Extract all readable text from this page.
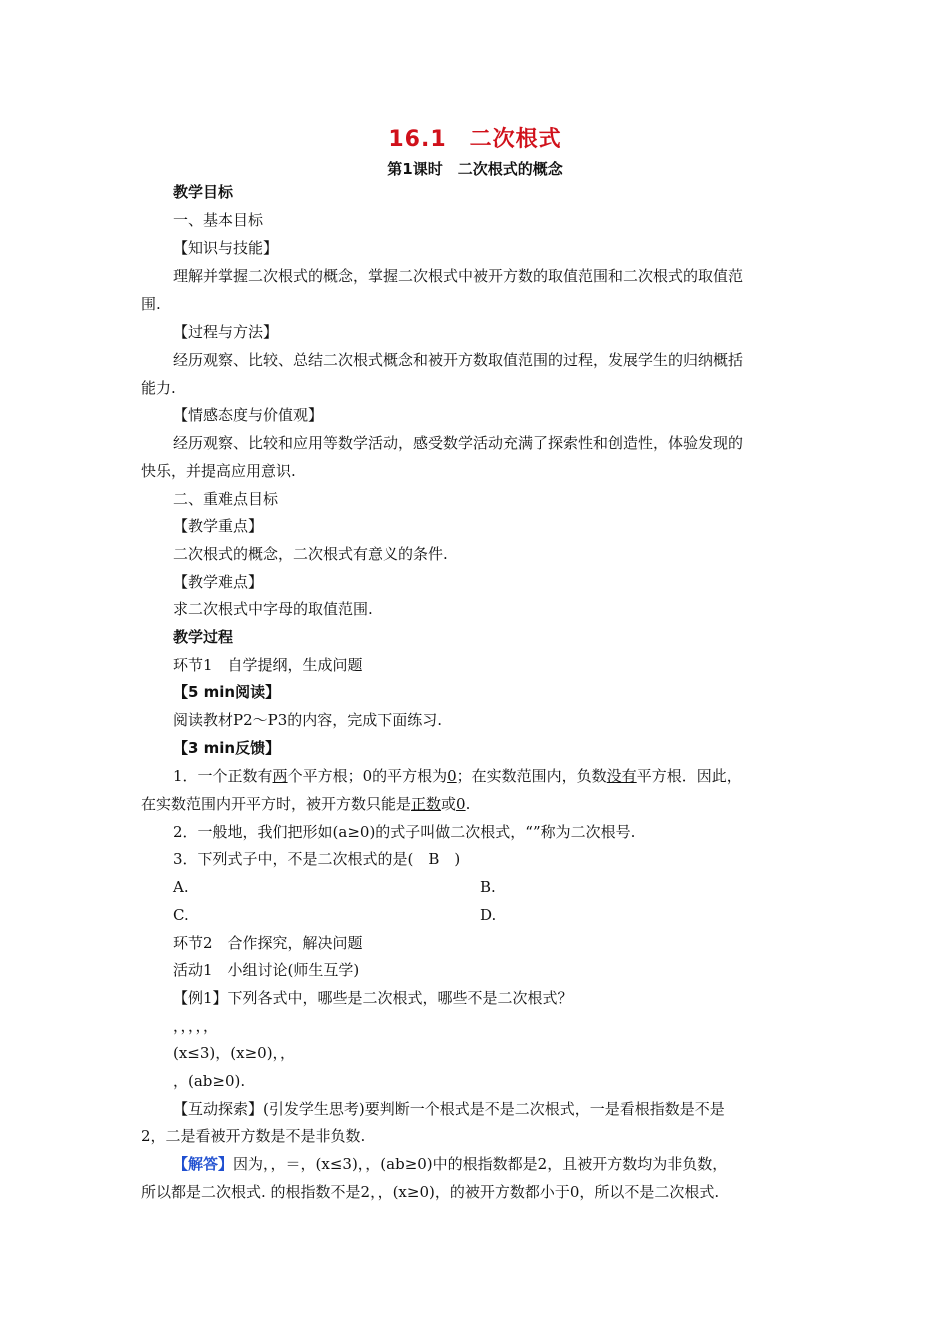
16.1　二次根式
第1课时　二次根式的概念
教学目标
一、基本目标
【知识与技能】
理解并掌握二次根式的概念，掌握二次根式中被开方数的取值范围和二次根式的取值范
围.
【过程与方法】
经历观察、比较、总结二次根式概念和被开方数取值范围的过程，发展学生的归纳概括
能力.
【情感态度与价值观】
经历观察、比较和应用等数学活动，感受数学活动充满了探索性和创造性，体验发现的
快乐，并提高应用意识.
二、重难点目标
【教学重点】
二次根式的概念，二次根式有意义的条件.
【教学难点】
求二次根式中字母的取值范围.
教学过程
环节1　自学提纲，生成问题
【5 min阅读】
阅读教材P2～P3的内容，完成下面练习.
【3 min反馈】
1．一个正数有两个平方根；0的平方根为0；在实数范围内，负数没有平方根．因此，
在实数范围内开平方时，被开方数只能是正数或0.
2．一般地，我们把形如(a≥0)的式子叫做二次根式，“”称为二次根号.
3．下列式子中，不是二次根式的是(　B　)
A.	B.
C.	D.
环节2　合作探究，解决问题
活动1　小组讨论(师生互学)
【例1】下列各式中，哪些是二次根式，哪些不是二次根式？
，，，，，
(x≤3)，(x≥0)，，
，(ab≥0).
【互动探索】(引发学生思考)要判断一个根式是不是二次根式，一是看根指数是不是
2，二是看被开方数是不是非负数.
【解答】因为，，＝，(x≤3)，，(ab≥0)中的根指数都是2，且被开方数均为非负数，
所以都是二次根式. 的根指数不是2，，(x≥0)，的被开方数都小于0，所以不是二次根式.
